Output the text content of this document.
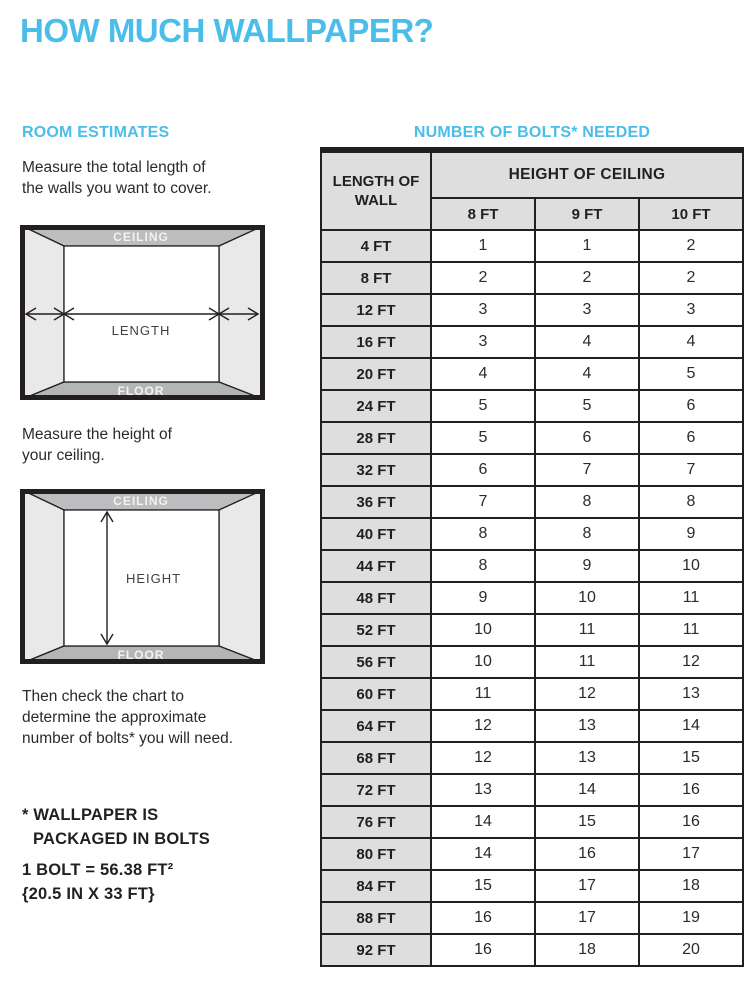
HOW MUCH WALLPAPER?
ROOM ESTIMATES	NUMBER OF BOLTS* NEEDED
Measure the total length of
the walls you want to cover.
CEILING
FLOOR
LENGTH
Measure the height of
your ceiling.
CEILING
FLOOR
HEIGHT
Then check the chart to
determine the approximate
number of bolts* you will need.
* WALLPAPER IS
PACKAGED IN BOLTS
1 BOLT = 56.38 FT²
{20.5 IN X 33 FT}
LENGTH OF WALL	HEIGHT OF CEILING		
	8 FT	9 FT	10 FT
4 FT	1	1	2
8 FT	2	2	2
12 FT	3	3	3
16 FT	3	4	4
20 FT	4	4	5
24 FT	5	5	6
28 FT	5	6	6
32 FT	6	7	7
36 FT	7	8	8
40 FT	8	8	9
44 FT	8	9	10
48 FT	9	10	11
52 FT	10	11	11
56 FT	10	11	12
60 FT	11	12	13
64 FT	12	13	14
68 FT	12	13	15
72 FT	13	14	16
76 FT	14	15	16
80 FT	14	16	17
84 FT	15	17	18
88 FT	16	17	19
92 FT	16	18	20
